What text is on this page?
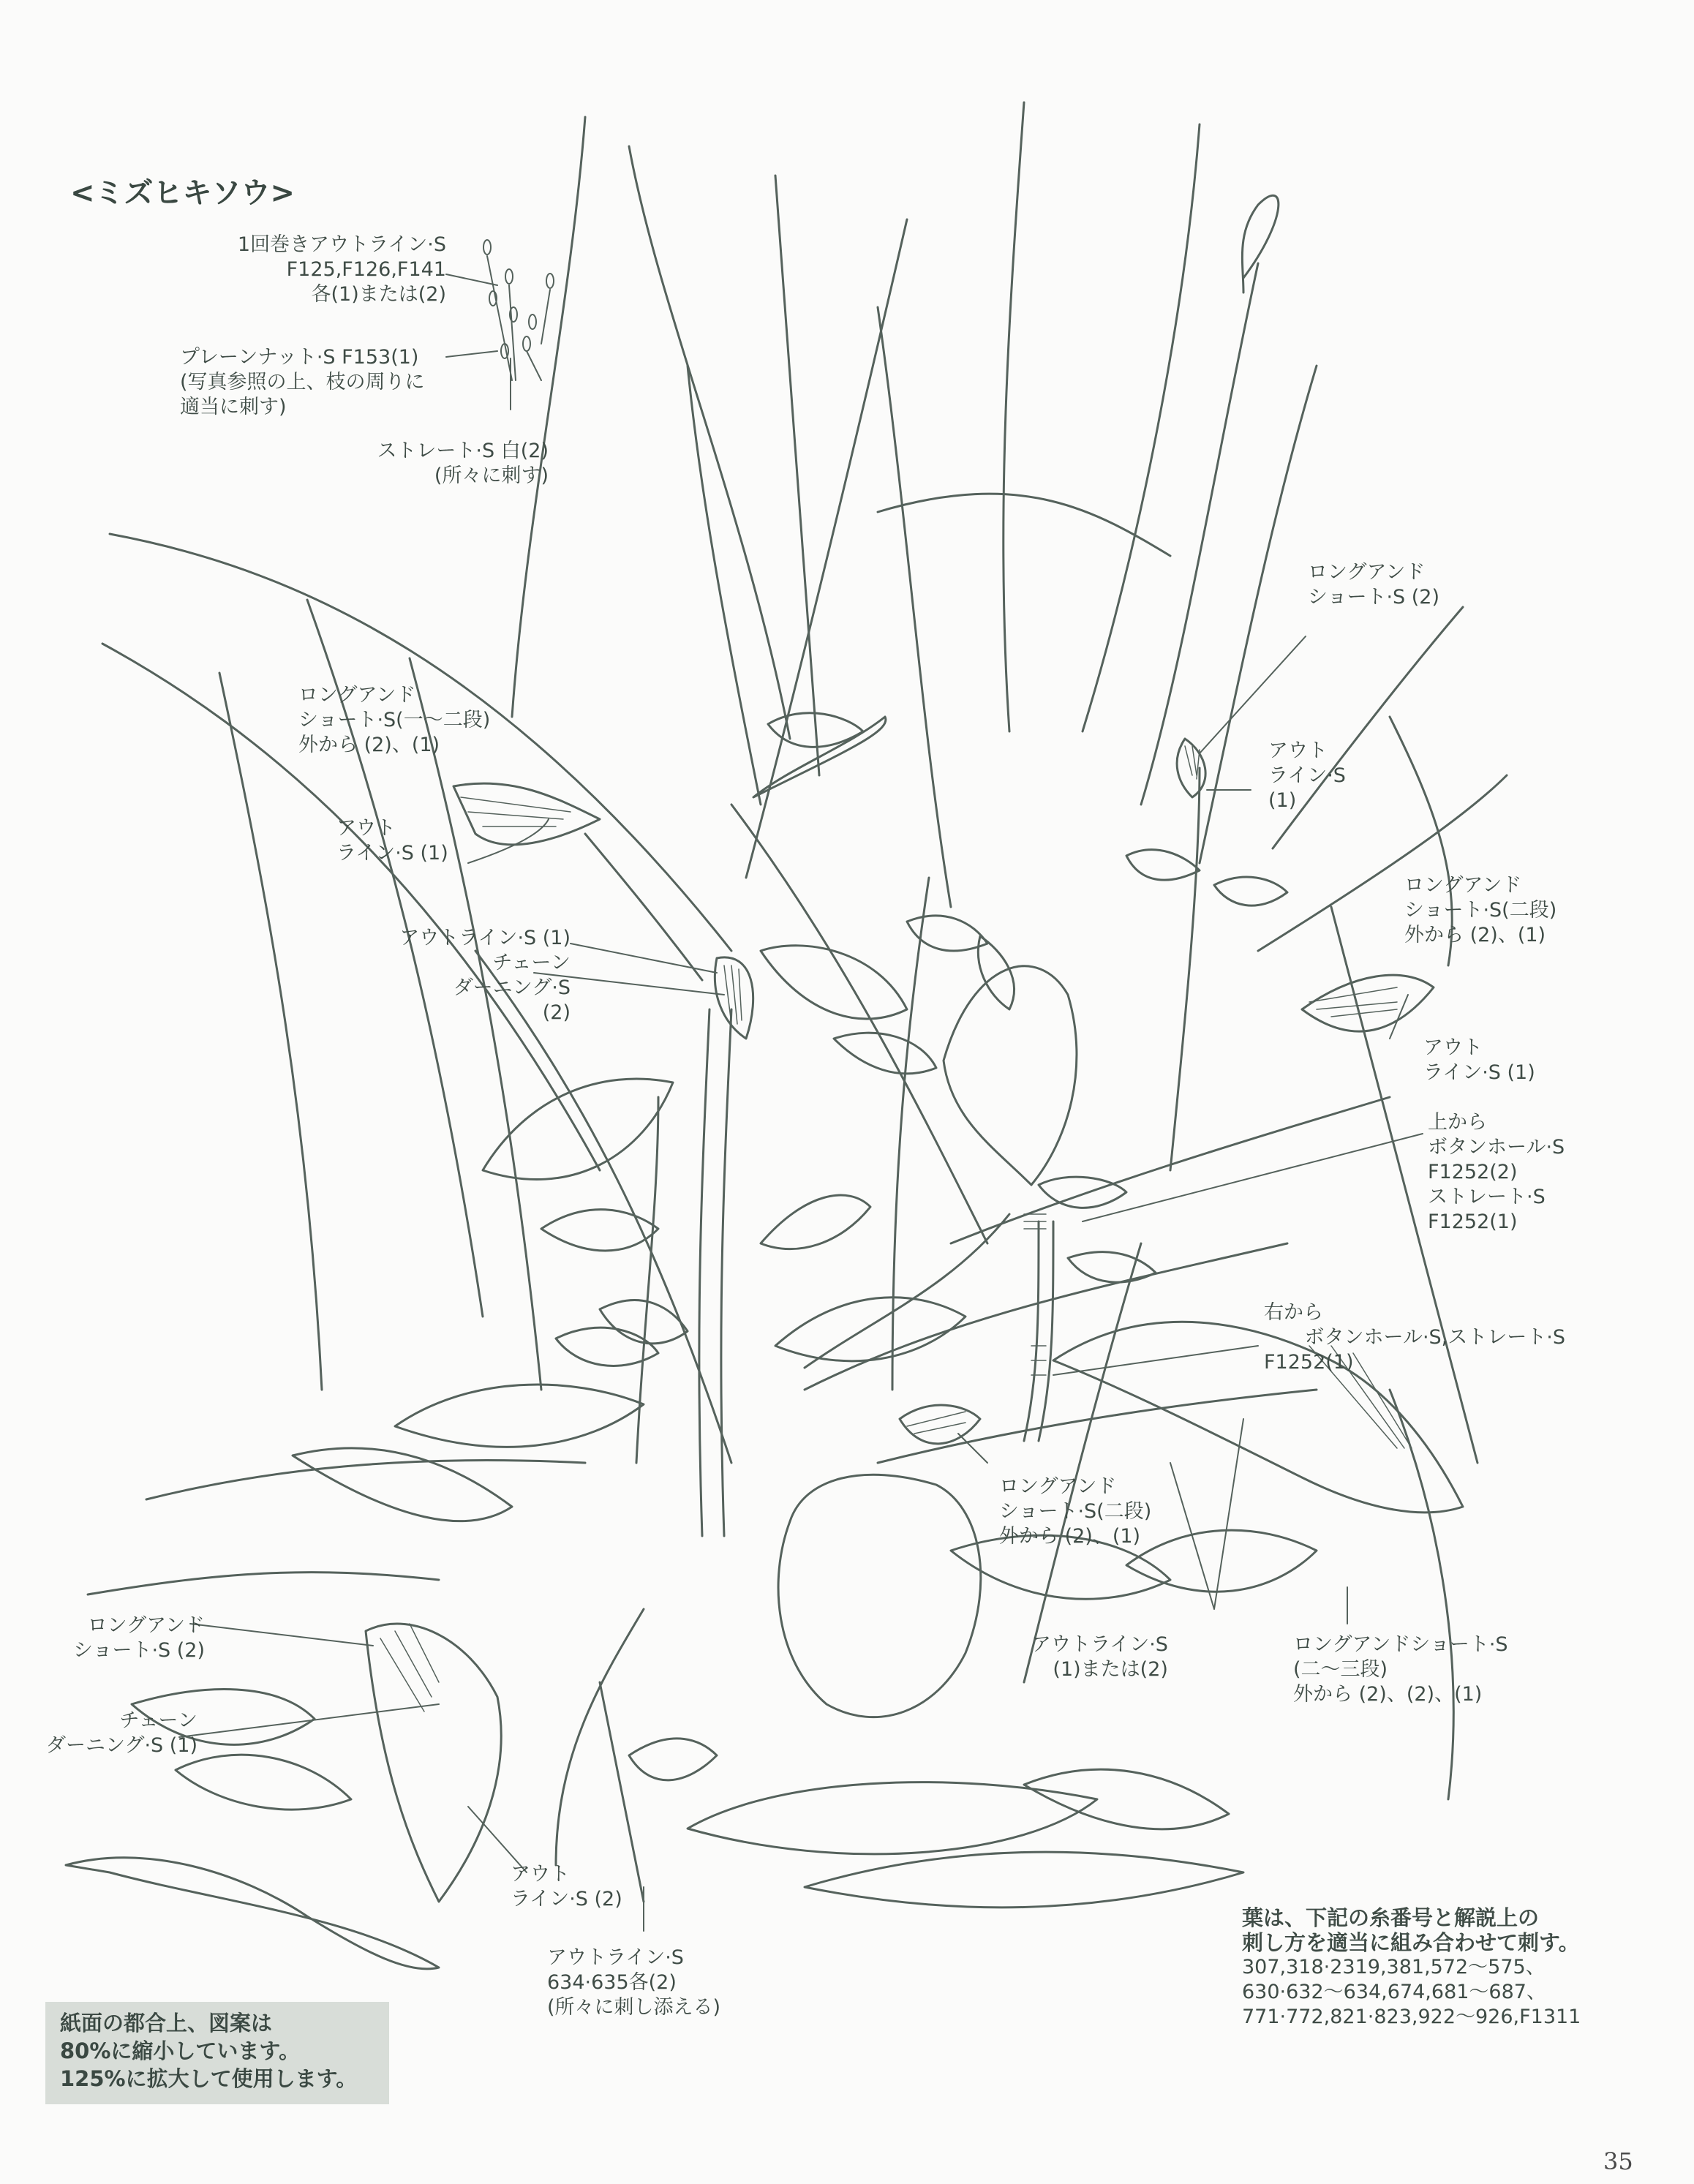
<ミズヒキソウ>
1回巻きアウトライン·S
F125,F126,F141
各(1)または(2)
プレーンナット·S F153(1)
(写真参照の上、枝の周りに
適当に刺す)
ストレート·S 白(2)
(所々に刺す)
ロングアンド
ショート·S (2)
ロングアンド
ショート·S(一〜二段)
外から (2)、(1)	アウト
ライン·S
(1)
アウト
ライン·S (1)
ロングアンド
ショート·S(二段)
外から (2)、(1)
アウトライン·S (1)
チェーン
ダーニング·S
(2)
アウト
ライン·S (1)
上から
ボタンホール·S
F1252(2)
ストレート·S
F1252(1)
右から
ボタンホール·S,ストレート·S
F1252(1)
ロングアンド
ショート·S(二段)
外から (2)、(1)
ロングアンド
ショート·S (2)	アウトライン·S
(1)または(2)
ロングアンドショート·S
(二〜三段)
外から (2)、(2)、(1)
チェーン
ダーニング·S (1)
アウト
ライン·S (2)
アウトライン·S
634·635各(2)
(所々に刺し添える)
葉は、下記の糸番号と解説上の
刺し方を適当に組み合わせて刺す。
307,318·2319,381,572〜575、
630·632〜634,674,681〜687、
771·772,821·823,922〜926,F1311
紙面の都合上、図案は
80%に縮小しています。
125%に拡大して使用します。
35
